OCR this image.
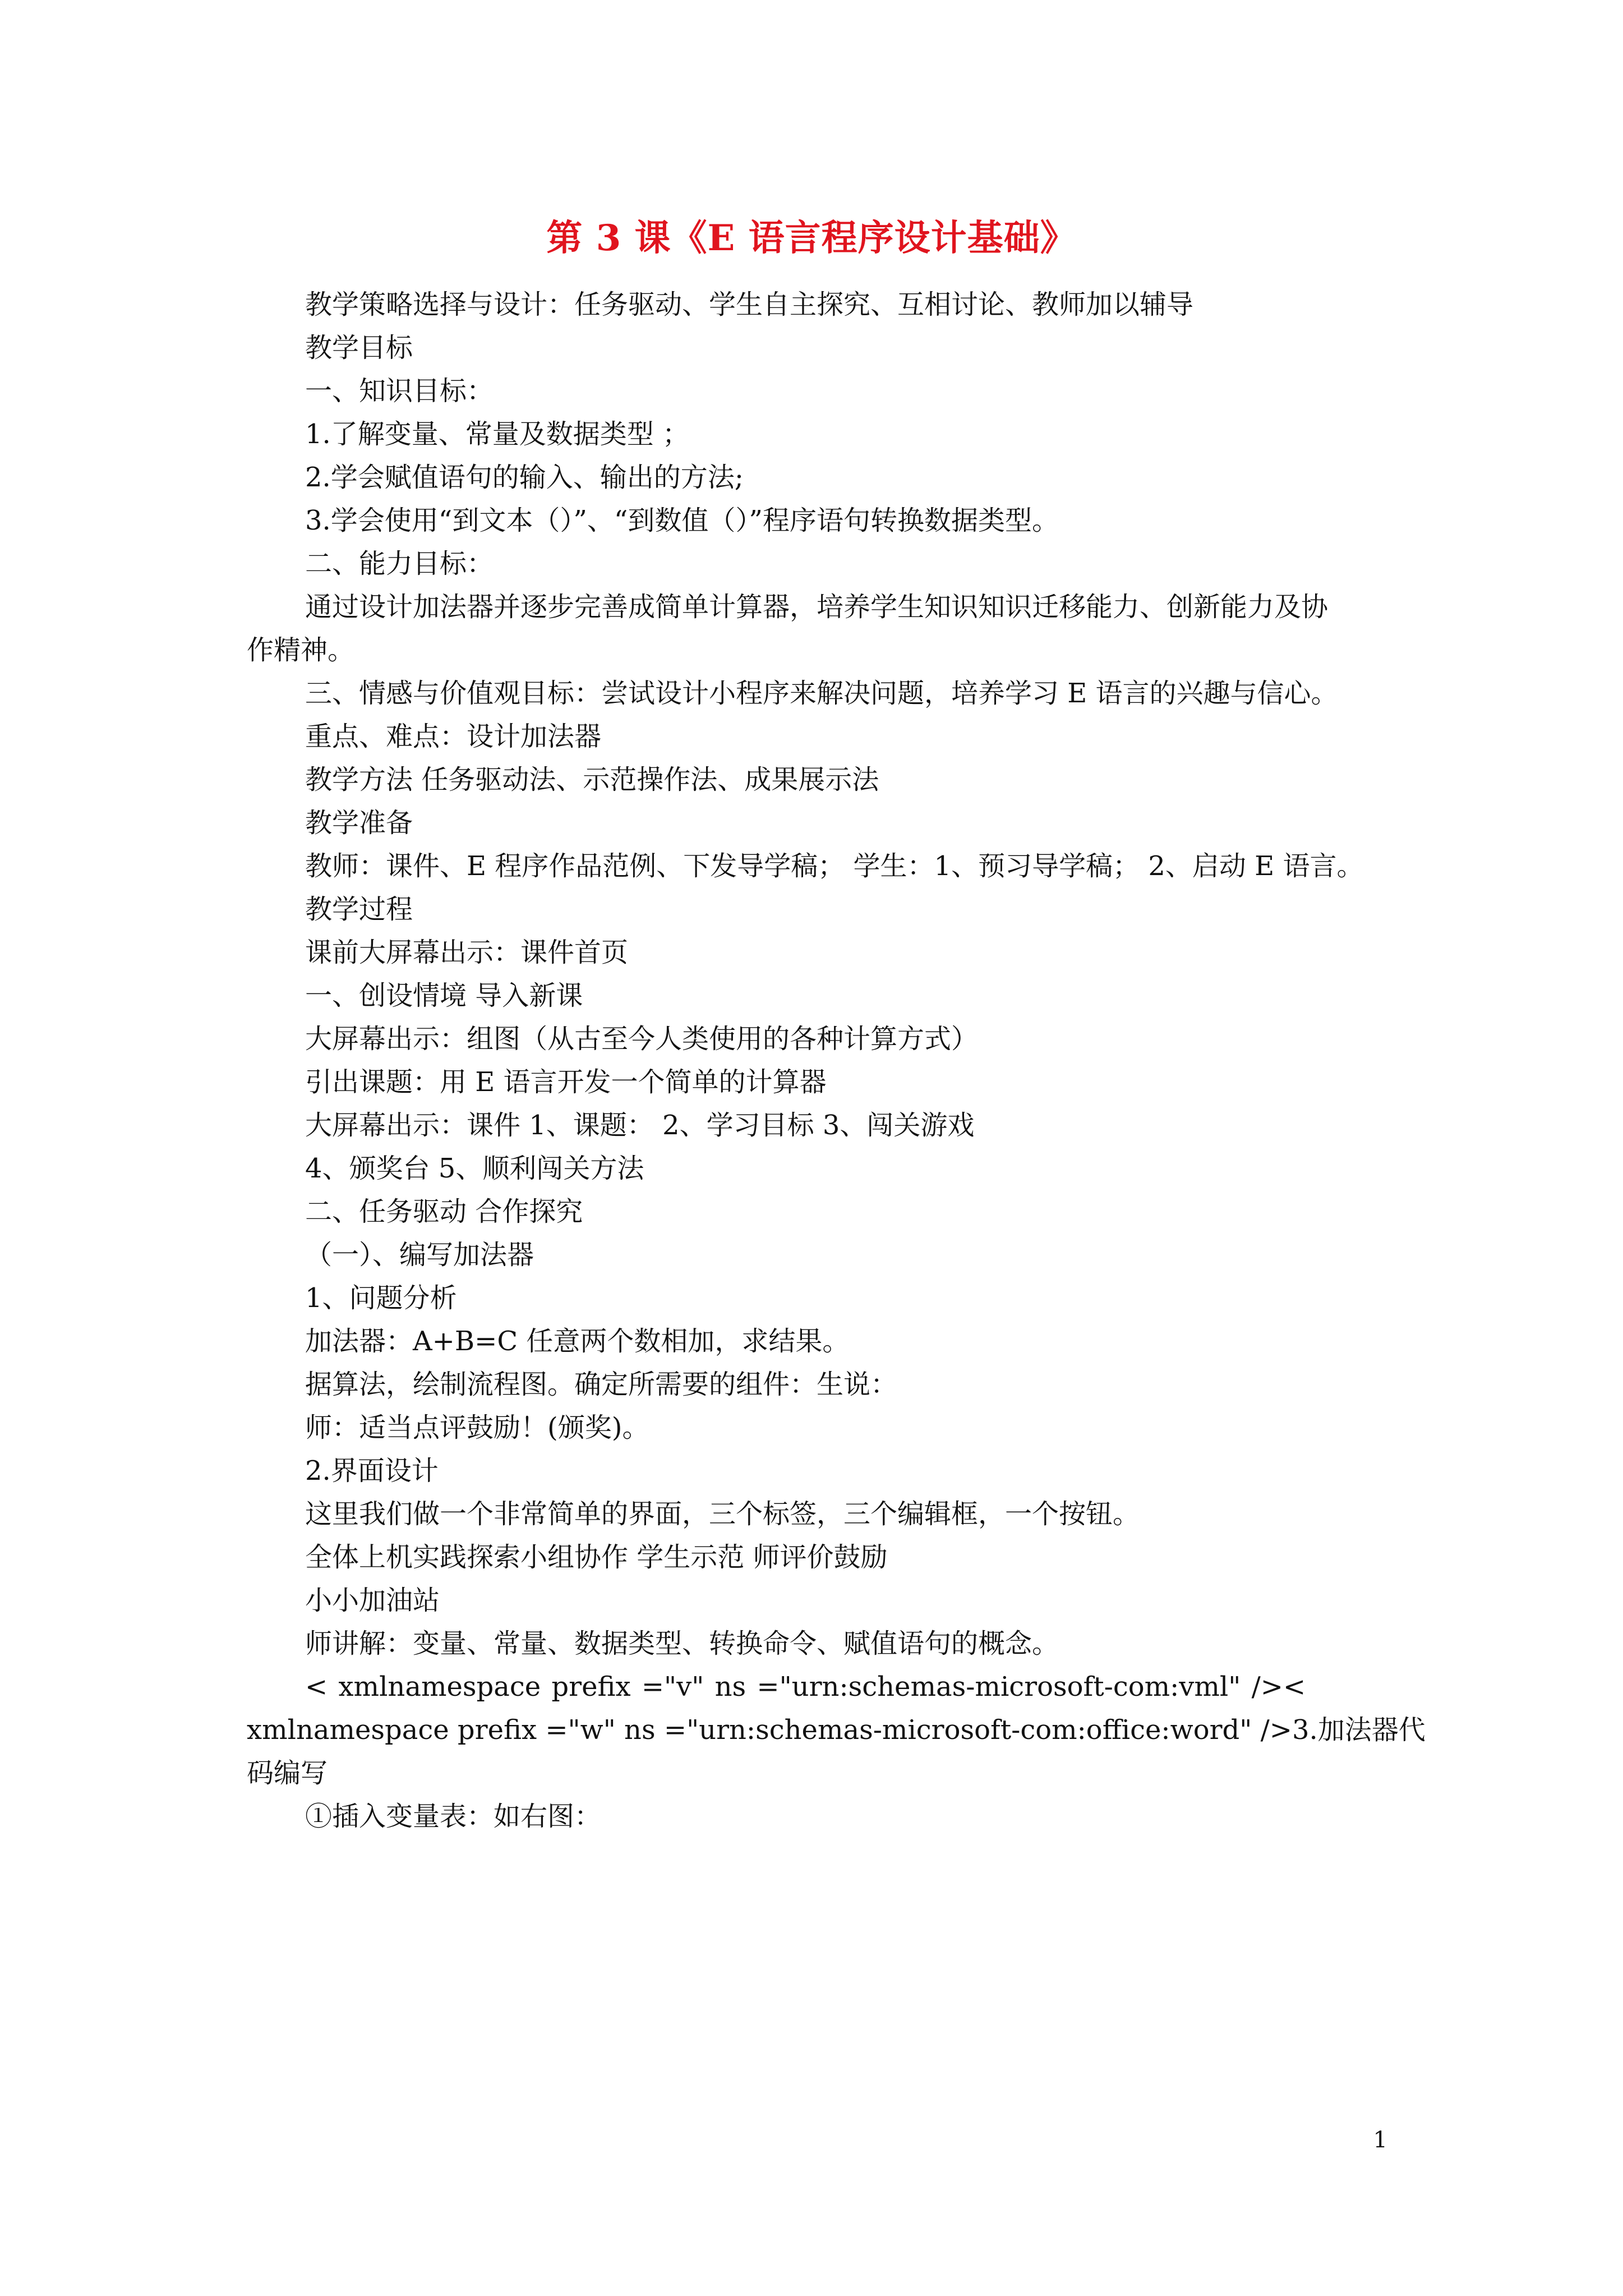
第 3 课《E 语言程序设计基础》
教学策略选择与设计：任务驱动、学生自主探究、互相讨论、教师加以辅导
教学目标
一、知识目标：
1.了解变量、常量及数据类型 ；
2.学会赋值语句的输入、输出的方法;
3.学会使用“到文本（）”、“到数值（）”程序语句转换数据类型。
二、能力目标：
通过设计加法器并逐步完善成简单计算器，培养学生知识知识迁移能力、创新能力及协
作精神。
三、情感与价值观目标：尝试设计小程序来解决问题，培养学习 E 语言的兴趣与信心。
重点、难点：设计加法器
教学方法 任务驱动法、示范操作法、成果展示法
教学准备
教师：课件、E 程序作品范例、下发导学稿； 学生：1、预习导学稿； 2、启动 E 语言。
教学过程
课前大屏幕出示：课件首页
一、创设情境 导入新课
大屏幕出示：组图（从古至今人类使用的各种计算方式）
引出课题：用 E 语言开发一个简单的计算器
大屏幕出示：课件 1、课题： 2、学习目标 3、闯关游戏
4、颁奖台 5、顺利闯关方法
二、任务驱动 合作探究
（一）、编写加法器
1、问题分析
加法器：A+B=C 任意两个数相加，求结果。
据算法，绘制流程图。确定所需要的组件：生说：
师：适当点评鼓励！(颁奖)。
2.界面设计
这里我们做一个非常简单的界面，三个标签，三个编辑框，一个按钮。
全体上机实践探索小组协作 学生示范 师评价鼓励
小小加油站
师讲解：变量、常量、数据类型、转换命令、赋值语句的概念。
< xmlnamespace prefix ="v" ns ="urn:schemas-microsoft-com:vml" /><
xmlnamespace prefix ="w" ns ="urn:schemas-microsoft-com:office:word" />3.加法器代
码编写
①插入变量表：如右图：
1
